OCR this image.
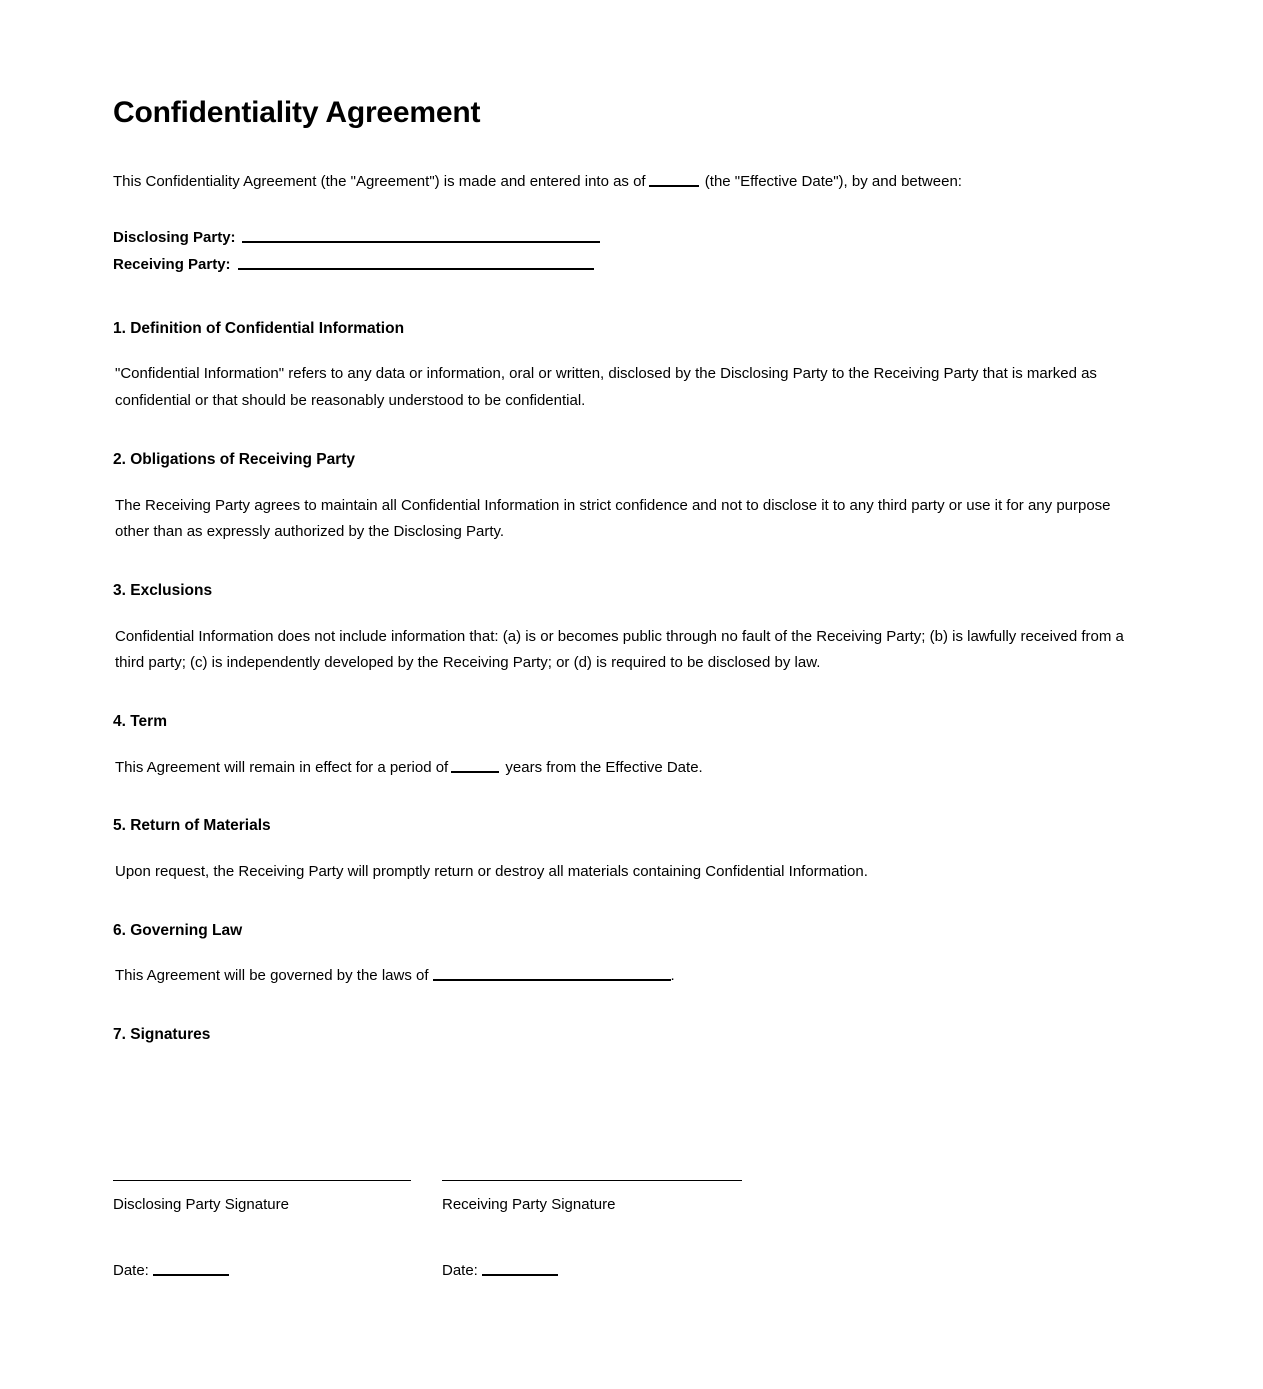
Confidentiality Agreement

This Confidentiality Agreement (the "Agreement") is made and entered into as of	(the "Effective Date"), by and between:

Disclosing Party:
Receiving Party:
1. Definition of Confidential Information

"Confidential Information" refers to any data or information, oral or written, disclosed by the Disclosing Party to the Receiving Party that is marked as confidential or that should be reasonably understood to be confidential.

2. Obligations of Receiving Party

The Receiving Party agrees to maintain all Confidential Information in strict confidence and not to disclose it to any third party or use it for any purpose other than as expressly authorized by the Disclosing Party.

3. Exclusions

Confidential Information does not include information that: (a) is or becomes public through no fault of the Receiving Party; (b) is lawfully received from a third party; (c) is independently developed by the Receiving Party; or (d) is required to be disclosed by law.

4. Term

This Agreement will remain in effect for a period of	years from the Effective Date.

5. Return of Materials

Upon request, the Receiving Party will promptly return or destroy all materials containing Confidential Information.

6. Governing Law

This Agreement will be governed by the laws of	.

7. Signatures
Disclosing Party Signature	Receiving Party Signature
Date:	Date:
